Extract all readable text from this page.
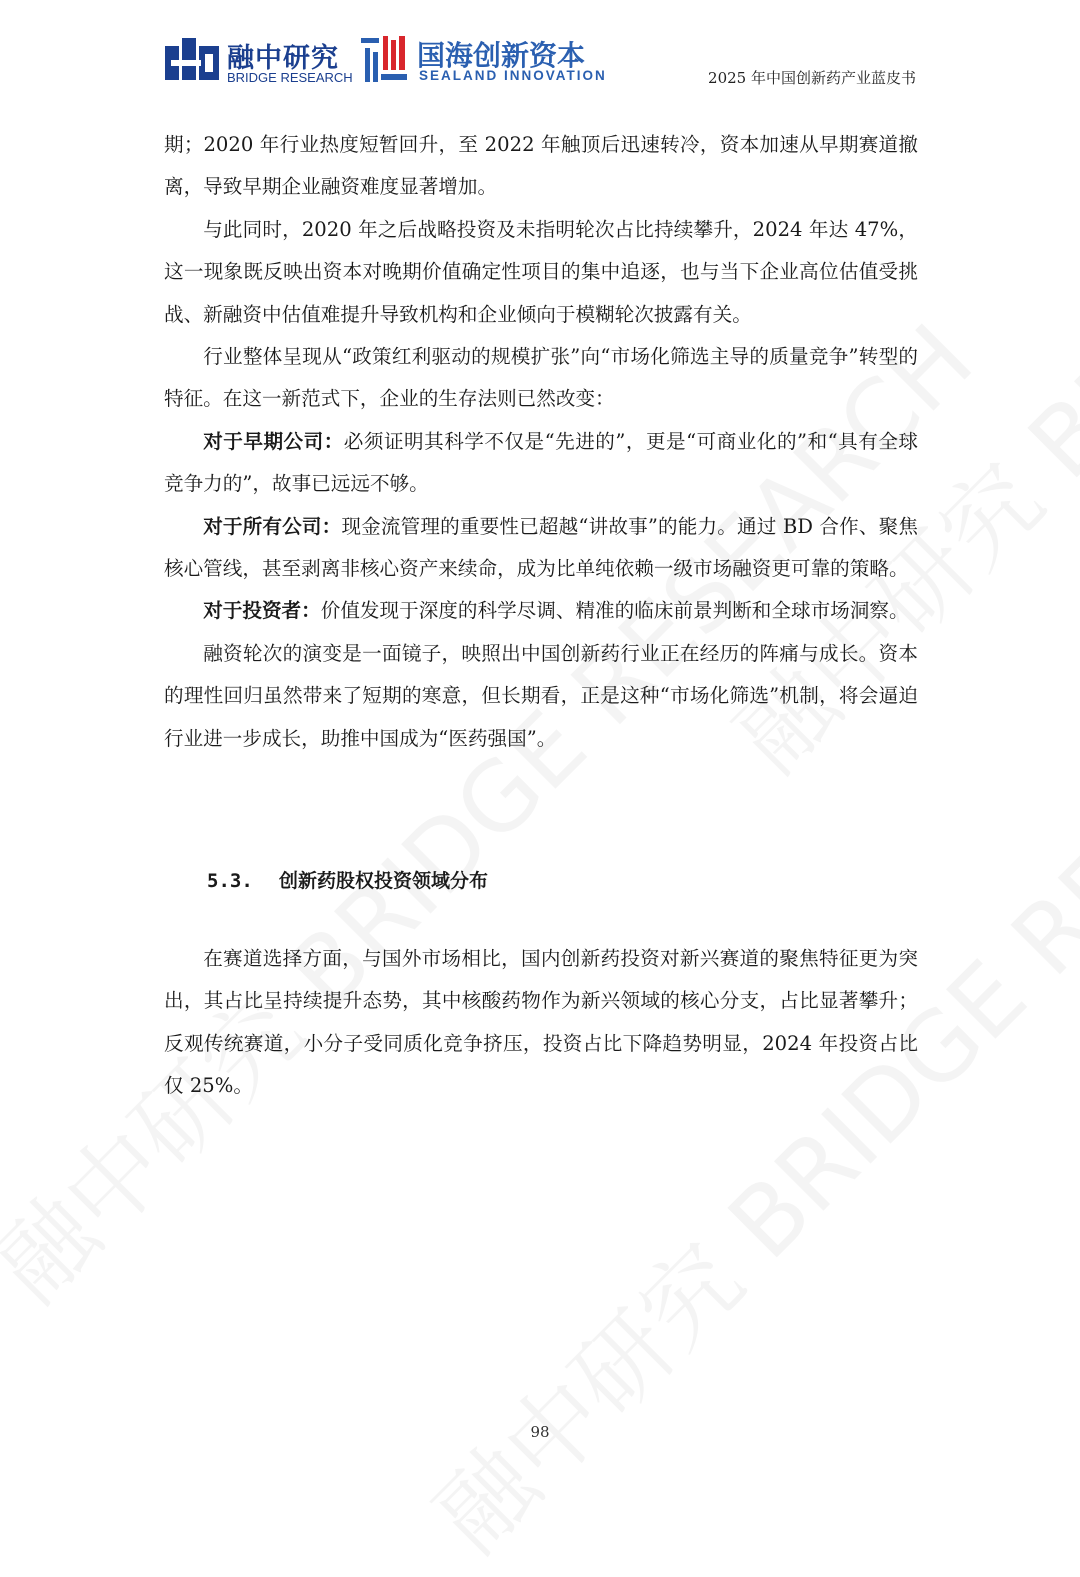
融中研究
BRIDGE RESEARCH
国海创新资本
SEALAND INNOVATION	2025 年中国创新药产业蓝皮书

期；2020 年行业热度短暂回升，至 2022 年触顶后迅速转冷，资本加速从早期赛道撤离，导致早期企业融资难度显著增加。

与此同时，2020 年之后战略投资及未指明轮次占比持续攀升，2024 年达 47%，这一现象既反映出资本对晚期价值确定性项目的集中追逐，也与当下企业高位估值受挑战、新融资中估值难提升导致机构和企业倾向于模糊轮次披露有关。

行业整体呈现从“政策红利驱动的规模扩张”向“市场化筛选主导的质量竞争”转型的特征。在这一新范式下，企业的生存法则已然改变：

对于早期公司：必须证明其科学不仅是“先进的”，更是“可商业化的”和“具有全球竞争力的”，故事已远远不够。

对于所有公司：现金流管理的重要性已超越“讲故事”的能力。通过 BD 合作、聚焦核心管线，甚至剥离非核心资产来续命，成为比单纯依赖一级市场融资更可靠的策略。

对于投资者：价值发现于深度的科学尽调、精准的临床前景判断和全球市场洞察。

融资轮次的演变是一面镜子，映照出中国创新药行业正在经历的阵痛与成长。资本的理性回归虽然带来了短期的寒意，但长期看，正是这种“市场化筛选”机制，将会逼迫行业进一步成长，助推中国成为“医药强国”。

5.3. 创新药股权投资领域分布

在赛道选择方面，与国外市场相比，国内创新药投资对新兴赛道的聚焦特征更为突出，其占比呈持续提升态势，其中核酸药物作为新兴领域的核心分支，占比显著攀升；反观传统赛道，小分子受同质化竞争挤压，投资占比下降趋势明显，2024 年投资占比仅 25%。

98
